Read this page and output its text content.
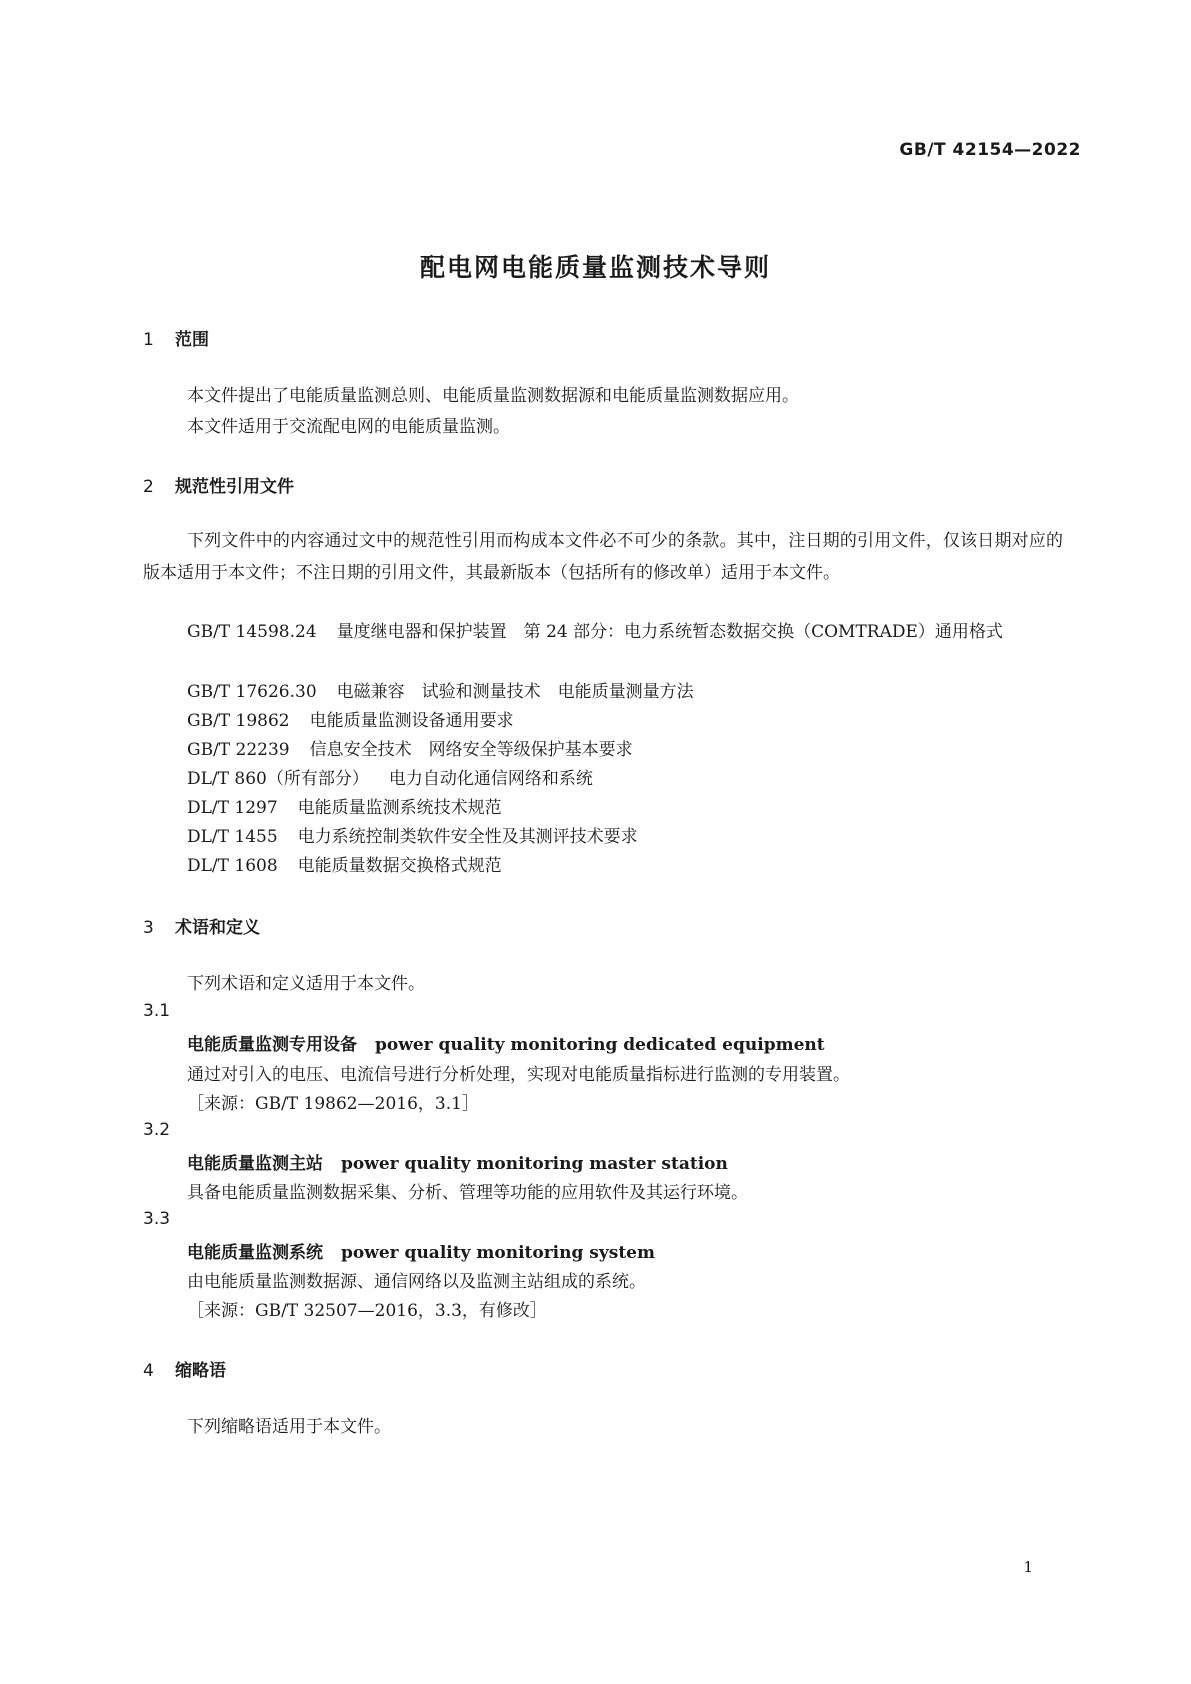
GB/T 42154—2022
配电网电能质量监测技术导则
1 范围
本文件提出了电能质量监测总则、电能质量监测数据源和电能质量监测数据应用。
本文件适用于交流配电网的电能质量监测。
2 规范性引用文件
下列文件中的内容通过文中的规范性引用而构成本文件必不可少的条款。其中，注日期的引用文件，仅该日期对应的版本适用于本文件；不注日期的引用文件，其最新版本（包括所有的修改单）适用于本文件。
GB/T 14598.24 量度继电器和保护装置　第 24 部分：电力系统暂态数据交换（COMTRADE）通用格式
GB/T 17626.30 电磁兼容　试验和测量技术　电能质量测量方法
GB/T 19862 电能质量监测设备通用要求
GB/T 22239 信息安全技术　网络安全等级保护基本要求
DL/T 860（所有部分） 电力自动化通信网络和系统
DL/T 1297 电能质量监测系统技术规范
DL/T 1455 电力系统控制类软件安全性及其测评技术要求
DL/T 1608 电能质量数据交换格式规范
3 术语和定义
下列术语和定义适用于本文件。
3.1
电能质量监测专用设备 power quality monitoring dedicated equipment
通过对引入的电压、电流信号进行分析处理，实现对电能质量指标进行监测的专用装置。
［来源：GB/T 19862—2016，3.1］
3.2
电能质量监测主站 power quality monitoring master station
具备电能质量监测数据采集、分析、管理等功能的应用软件及其运行环境。
3.3
电能质量监测系统 power quality monitoring system
由电能质量监测数据源、通信网络以及监测主站组成的系统。
［来源：GB/T 32507—2016，3.3，有修改］
4 缩略语
下列缩略语适用于本文件。
1
